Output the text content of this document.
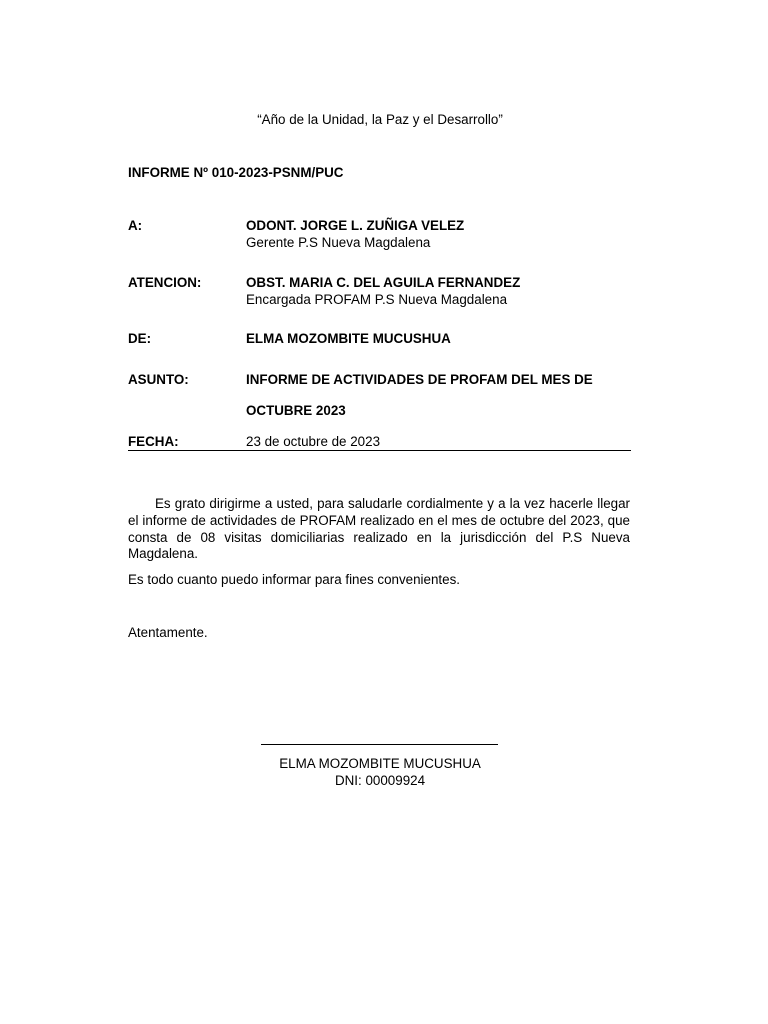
“Año de la Unidad, la Paz y el Desarrollo”
INFORME Nº 010-2023-PSNM/PUC
A:	ODONT. JORGE L. ZUÑIGA VELEZ
Gerente P.S Nueva Magdalena
ATENCION:	OBST. MARIA C. DEL AGUILA FERNANDEZ
Encargada PROFAM P.S Nueva Magdalena
DE:	ELMA MOZOMBITE MUCUSHUA
ASUNTO:	INFORME DE ACTIVIDADES DE PROFAM DEL MES DE
OCTUBRE 2023
FECHA:	23 de octubre de 2023

Es grato dirigirme a usted, para saludarle cordialmente y a la vez hacerle llegar el informe de actividades de PROFAM realizado en el mes de octubre del 2023, que consta de 08 visitas domiciliarias realizado en la jurisdicción del P.S Nueva Magdalena.

Es todo cuanto puedo informar para fines convenientes.
Atentamente.
ELMA MOZOMBITE MUCUSHUA
DNI: 00009924
